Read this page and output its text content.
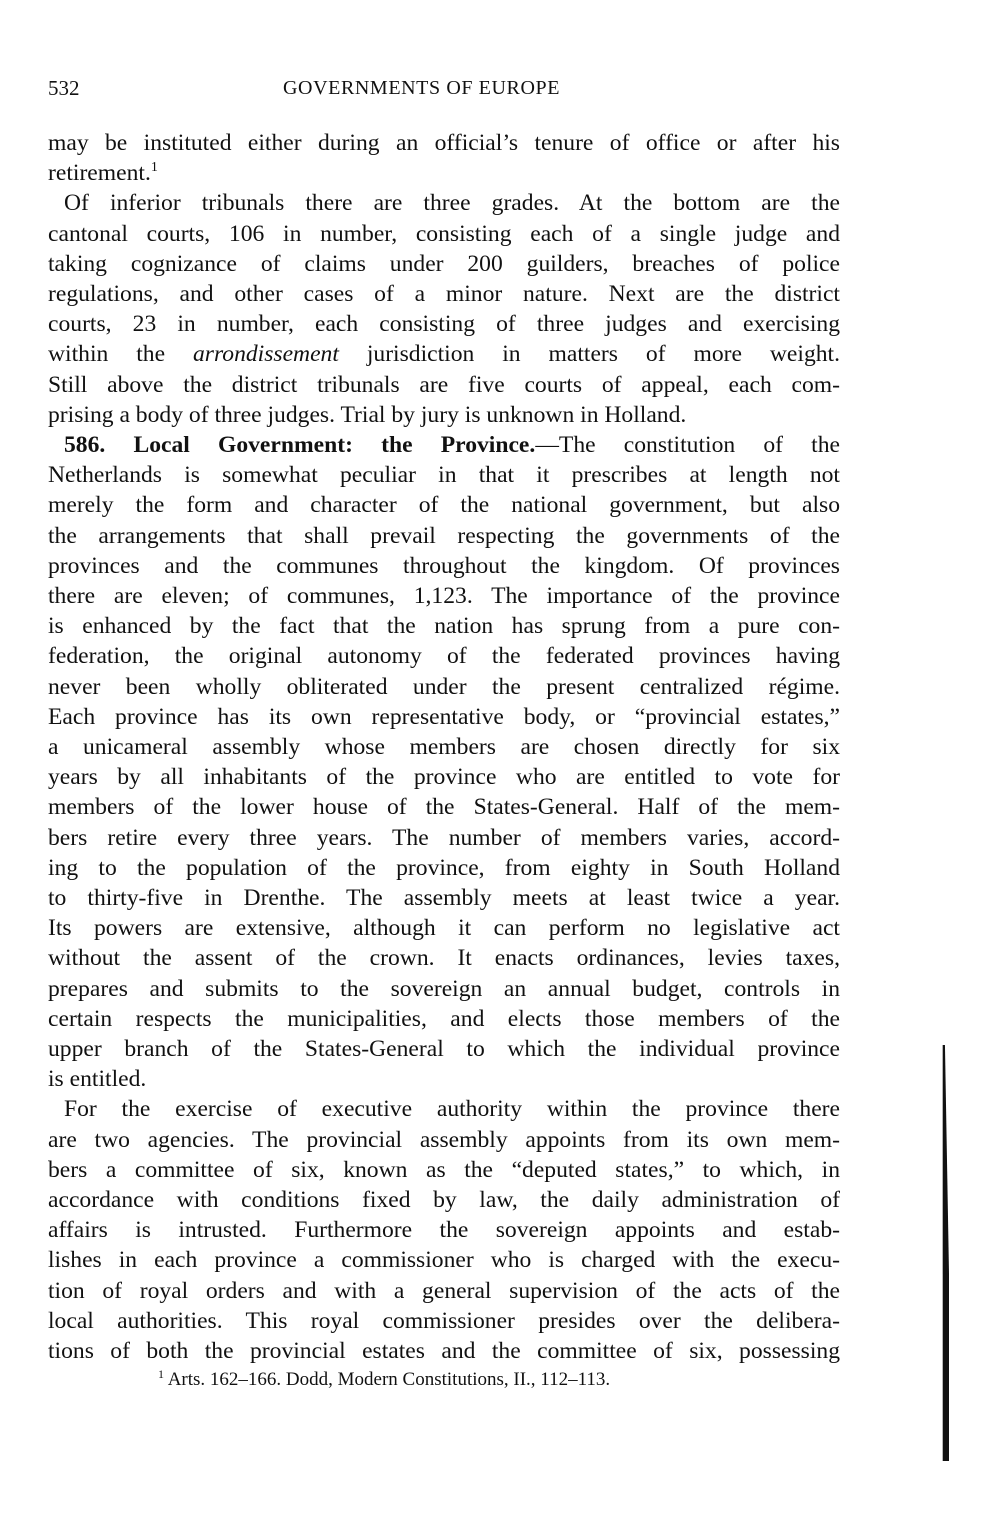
532	GOVERNMENTS OF EUROPE
may be instituted either during an official’s tenure of office or after his
retirement.$^1$
Of inferior tribunals there are three grades. At the bottom are the
cantonal courts, 106 in number, consisting each of a single judge and
taking cognizance of claims under 200 guilders, breaches of police
regulations, and other cases of a minor nature. Next are the district
courts, 23 in number, each consisting of three judges and exercising
within the arrondissement jurisdiction in matters of more weight.
Still above the district tribunals are five courts of appeal, each com-
prising a body of three judges. Trial by jury is unknown in Holland.
586. Local Government: the Province.—The constitution of the
Netherlands is somewhat peculiar in that it prescribes at length not
merely the form and character of the national government, but also
the arrangements that shall prevail respecting the governments of the
provinces and the communes throughout the kingdom. Of provinces
there are eleven; of communes, 1,123. The importance of the province
is enhanced by the fact that the nation has sprung from a pure con-
federation, the original autonomy of the federated provinces having
never been wholly obliterated under the present centralized régime.
Each province has its own representative body, or “provincial estates,”
a unicameral assembly whose members are chosen directly for six
years by all inhabitants of the province who are entitled to vote for
members of the lower house of the States-General. Half of the mem-
bers retire every three years. The number of members varies, accord-
ing to the population of the province, from eighty in South Holland
to thirty-five in Drenthe. The assembly meets at least twice a year.
Its powers are extensive, although it can perform no legislative act
without the assent of the crown. It enacts ordinances, levies taxes,
prepares and submits to the sovereign an annual budget, controls in
certain respects the municipalities, and elects those members of the
upper branch of the States-General to which the individual province
is entitled.
For the exercise of executive authority within the province there
are two agencies. The provincial assembly appoints from its own mem-
bers a committee of six, known as the “deputed states,” to which, in
accordance with conditions fixed by law, the daily administration of
affairs is intrusted. Furthermore the sovereign appoints and estab-
lishes in each province a commissioner who is charged with the execu-
tion of royal orders and with a general supervision of the acts of the
local authorities. This royal commissioner presides over the delibera-
tions of both the provincial estates and the committee of six, possessing
$^1$ Arts. 162–166. Dodd, Modern Constitutions, II., 112–113.
